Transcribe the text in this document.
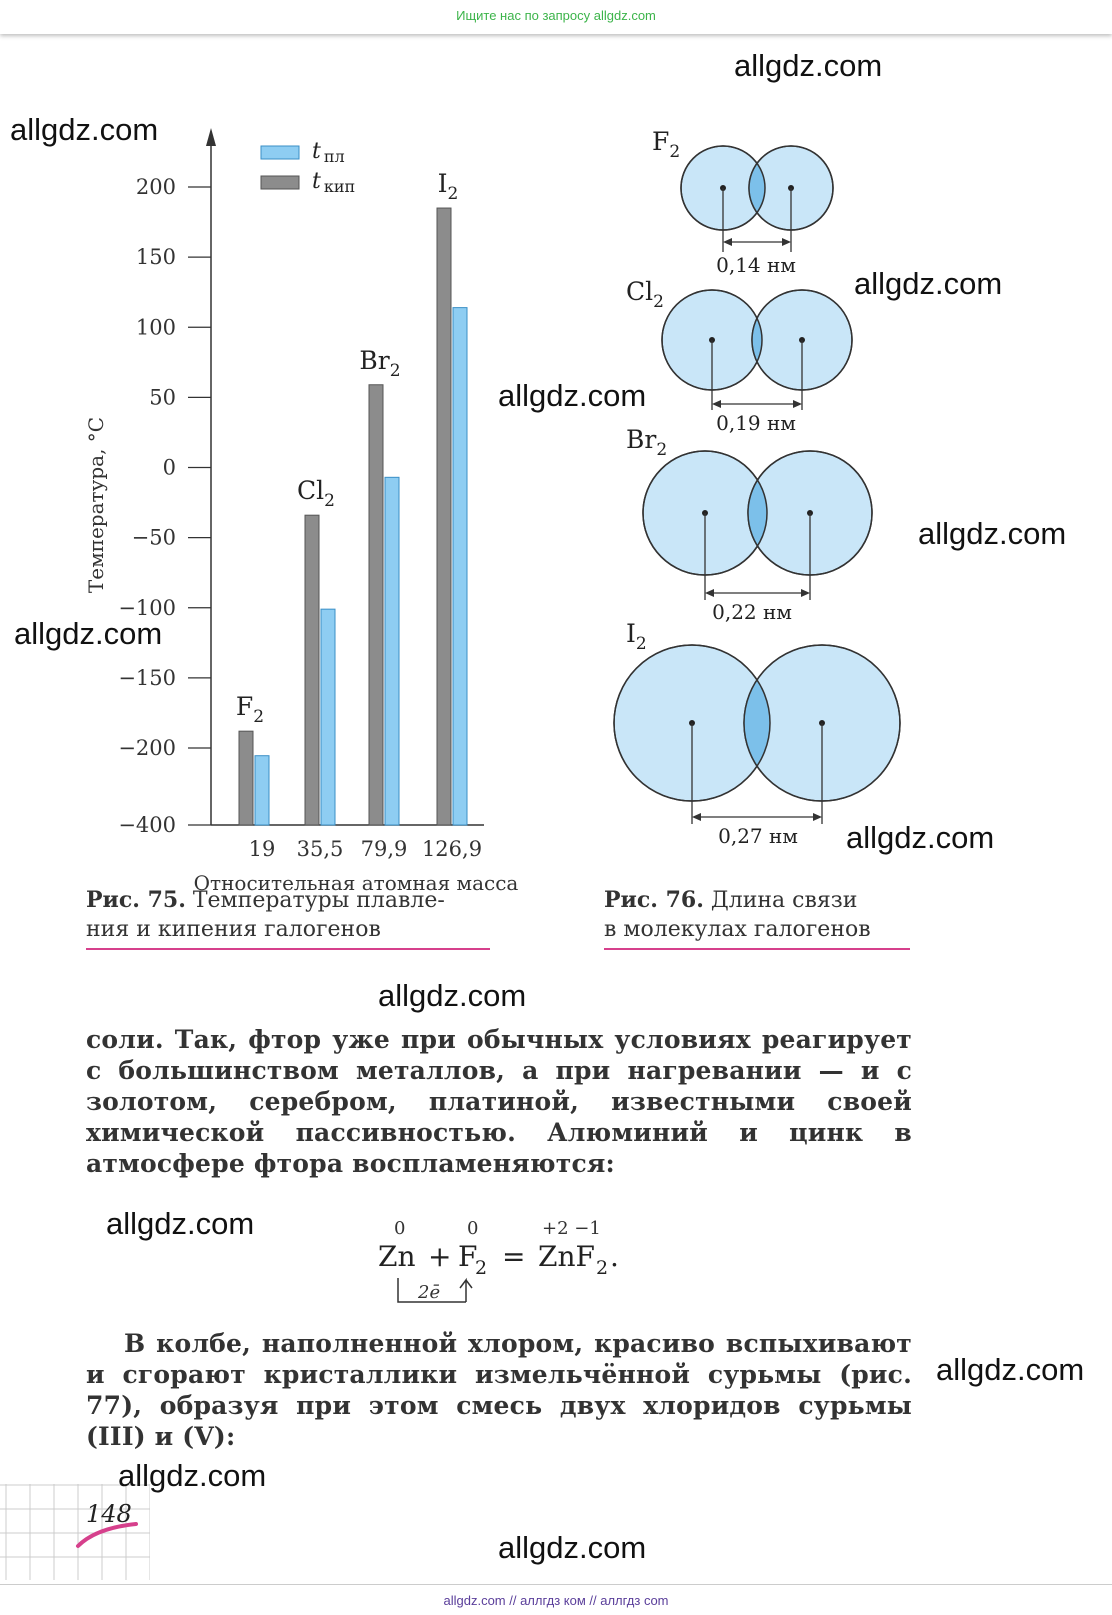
Ищите нас по запросу allgdz.com
200
150
100
50
0
−50
−100
−150
−200
−400
Температура, °С
19
$F_2$
35,5
$Cl_2$
79,9
$Br_2$
126,9
$I_2$
Относительная атомная масса
t пл
t кип
$F_2$
0,14 нм
$Cl_2$
0,19 нм
$Br_2$
0,22 нм
$I_2$
0,27 нм
Рис. 75. Температуры плавле-
ния и кипения галогенов
Рис. 76. Длина связи
в молекулах галогенов
соли. Так, фтор уже при обычных условиях реагирует с большинством металлов, а при нагревании — и с золотом, серебром, платиной, известными своей химической пассивностью. Алюминий и цинк в атмосфере фтора воспламеняются:
0	0	+2 −1
Zn + F
2 = ZnF 2 .
2ē
В колбе, наполненной хлором, красиво вспыхивают и сгорают кристаллики измельчённой сурьмы (рис. 77), образуя при этом смесь двух хлоридов сурьмы (III) и (V):
148
allgdz.com
allgdz.com
allgdz.com
allgdz.com
allgdz.com
allgdz.com
allgdz.com
allgdz.com
allgdz.com
allgdz.com
allgdz.com
allgdz.com
allgdz.com // аллгдз ком // аллгдз com
